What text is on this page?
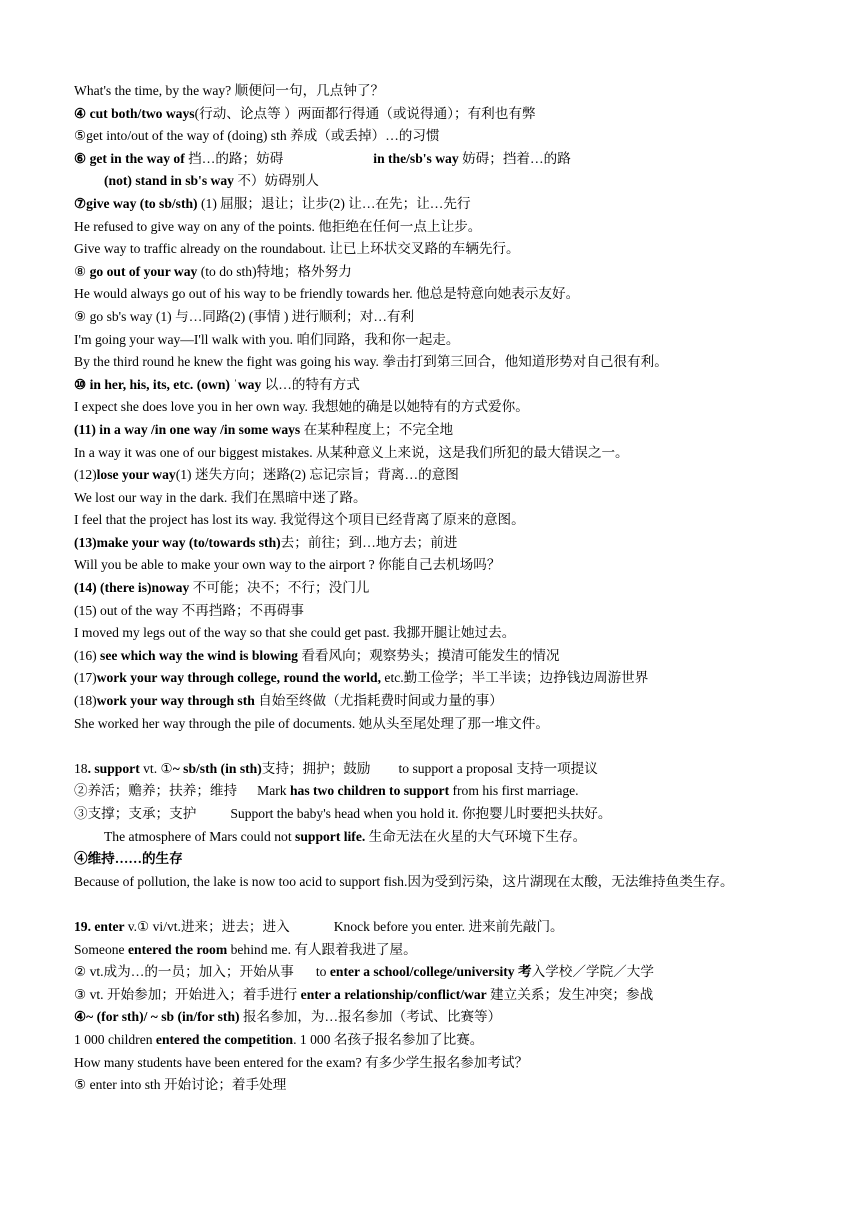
What's the time, by the way? 顺便问一句，几点钟了？
④ cut both/two ways(行动、论点等 ）两面都行得通（或说得通）；有利也有弊
⑤get into/out of the way of (doing) sth 养成（或丢掉）…的习惯
⑥ get in the way of 挡…的路；妨碍	in the/sb's way 妨碍；挡着…的路
(not) stand in sb's way 不）妨碍别人
⑦give way (to sb/sth) (1) 屈服；退让；让步(2) 让…在先；让…先行
He refused to give way on any of the points. 他拒绝在任何一点上让步。
Give way to traffic already on the roundabout. 让已上环状交叉路的车辆先行。
⑧ go out of your way (to do sth)特地；格外努力
He would always go out of his way to be friendly towards her. 他总是特意向她表示友好。
⑨ go sb's way (1) 与…同路(2) (事情 ) 进行顺利；对…有利
I'm going your way—I'll walk with you. 咱们同路，我和你一起走。
By the third round he knew the fight was going his way. 拳击打到第三回合，他知道形势对自己很有利。
⑩ in her, his, its, etc. (own) ˈway 以…的特有方式
I expect she does love you in her own way. 我想她的确是以她特有的方式爱你。
(11) in a way /in one way /in some ways 在某种程度上；不完全地
In a way it was one of our biggest mistakes. 从某种意义上来说，这是我们所犯的最大错误之一。
(12)lose your way(1) 迷失方向；迷路(2) 忘记宗旨；背离…的意图
We lost our way in the dark. 我们在黑暗中迷了路。
I feel that the project has lost its way. 我觉得这个项目已经背离了原来的意图。
(13)make your way (to/towards sth)去；前往；到…地方去；前进
Will you be able to make your own way to the airport ? 你能自己去机场吗？
(14) (there is)noway 不可能；决不；不行；没门儿
(15) out of the way 不再挡路；不再碍事
I moved my legs out of the way so that she could get past. 我挪开腿让她过去。
(16) see which way the wind is blowing 看看风向；观察势头；摸清可能发生的情况
(17)work your way through college, round the world, etc.勤工俭学；半工半读；边挣钱边周游世界
(18)work your way through sth 自始至终做（尤指耗费时间或力量的事）
She worked her way through the pile of documents. 她从头至尾处理了那一堆文件。
18. support vt. ①~ sb/sth (in sth)支持；拥护；鼓励 to support a proposal 支持一项提议
②养活；赡养；扶养；维持 Mark has two children to support from his first marriage.
③支撑；支承；支护	Support the baby's head when you hold it. 你抱婴儿时要把头扶好。
The atmosphere of Mars could not support life. 生命无法在火星的大气环境下生存。
④维持……的生存
Because of pollution, the lake is now too acid to support fish.因为受到污染，这片湖现在太酸，无法维持鱼类生存。
19. enter v.① vi/vt.进来；进去；进入	Knock before you enter. 进来前先敲门。
Someone entered the room behind me. 有人跟着我进了屋。
② vt.成为…的一员；加入；开始从事 to enter a school/college/university 考入学校／学院／大学
③ vt. 开始参加；开始进入；着手进行 enter a relationship/conflict/war 建立关系；发生冲突；参战
④~ (for sth)/ ~ sb (in/for sth) 报名参加，为…报名参加（考试、比赛等）
1 000 children entered the competition. 1 000 名孩子报名参加了比赛。
How many students have been entered for the exam? 有多少学生报名参加考试？
⑤ enter into sth 开始讨论；着手处理
